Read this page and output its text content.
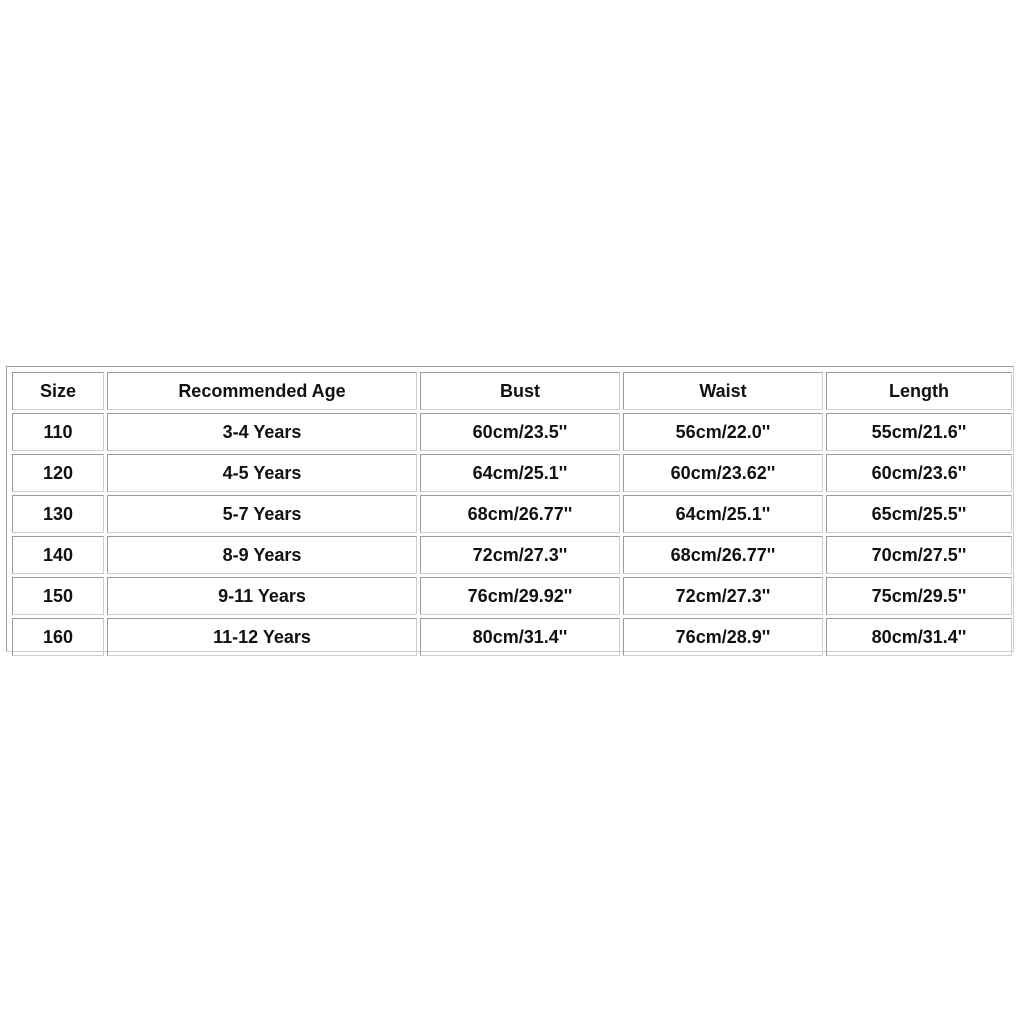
Size	Recommended Age	Bust	Waist	Length
110	3-4 Years	60cm/23.5''	56cm/22.0''	55cm/21.6''
120	4-5 Years	64cm/25.1''	60cm/23.62''	60cm/23.6''
130	5-7 Years	68cm/26.77''	64cm/25.1''	65cm/25.5''
140	8-9 Years	72cm/27.3''	68cm/26.77''	70cm/27.5''
150	9-11 Years	76cm/29.92''	72cm/27.3''	75cm/29.5''
160	11-12 Years	80cm/31.4''	76cm/28.9''	80cm/31.4''
